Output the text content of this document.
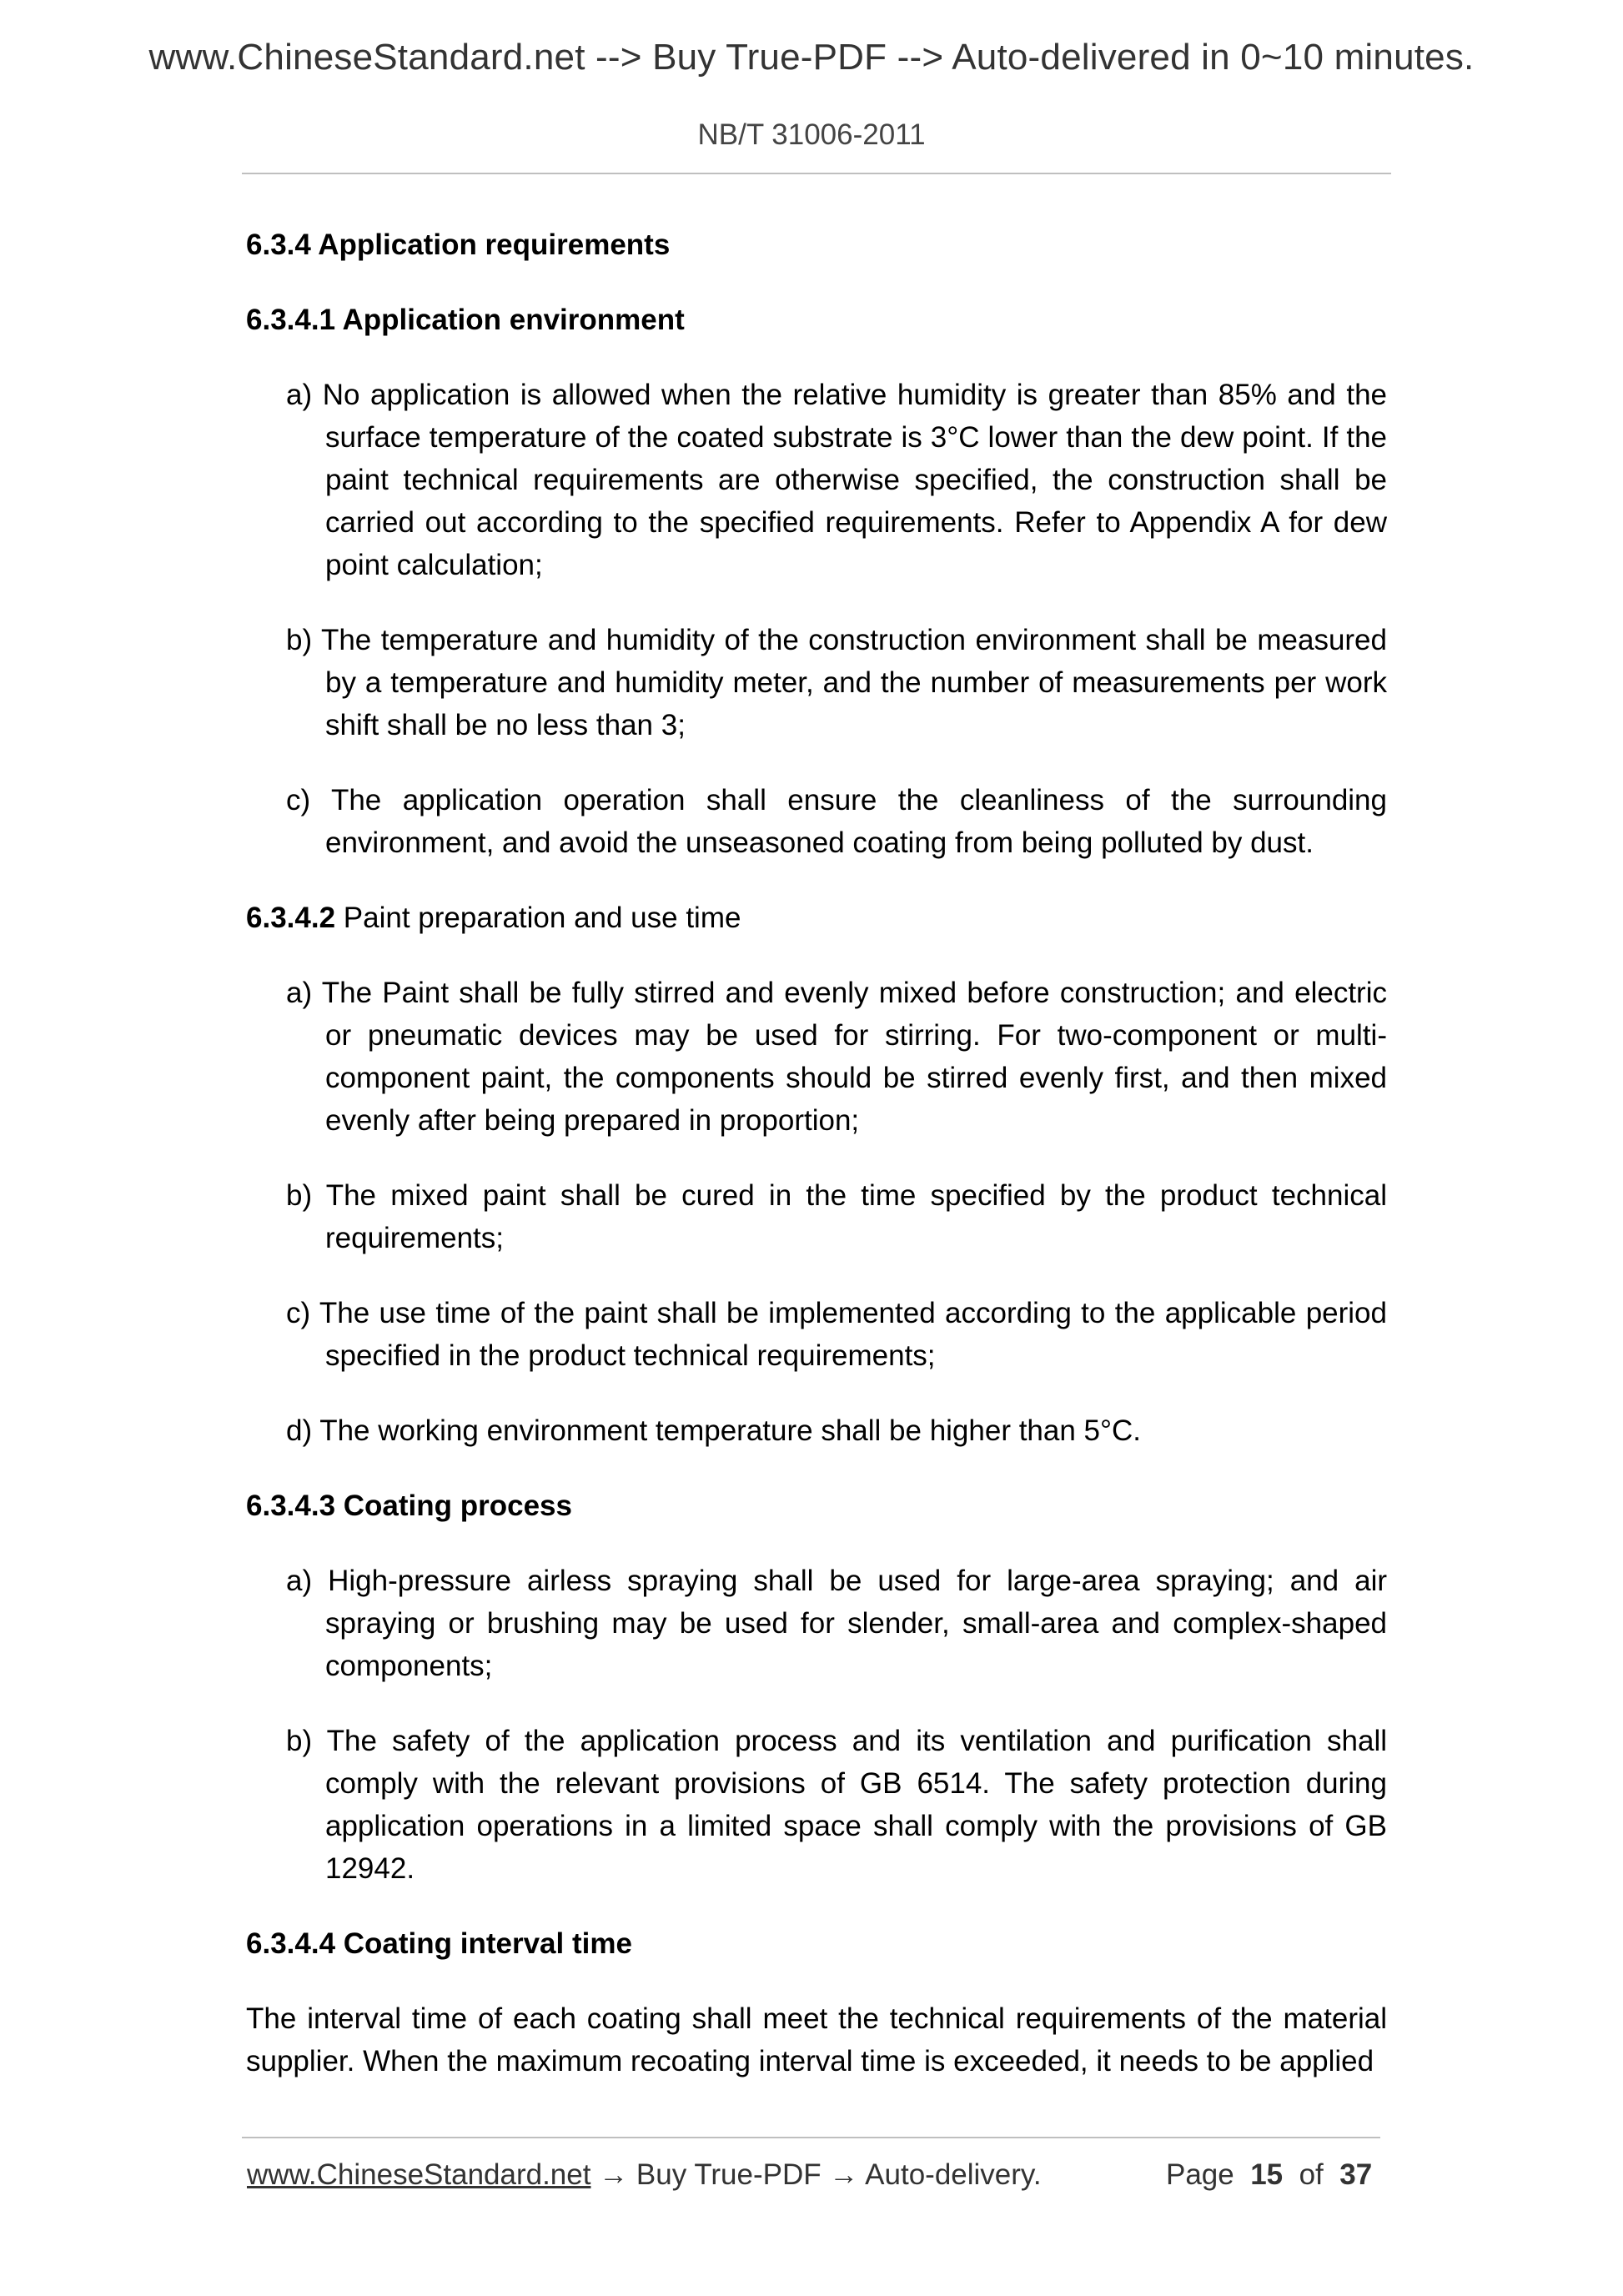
www.ChineseStandard.net --> Buy True-PDF --> Auto-delivered in 0~10 minutes.
NB/T 31006-2011
6.3.4 Application requirements
6.3.4.1 Application environment
a) No application is allowed when the relative humidity is greater than 85% and the surface temperature of the coated substrate is 3°C lower than the dew point. If the paint technical requirements are otherwise specified, the construction shall be carried out according to the specified requirements. Refer to Appendix A for dew point calculation;
b) The temperature and humidity of the construction environment shall be measured by a temperature and humidity meter, and the number of measurements per work shift shall be no less than 3;
c) The application operation shall ensure the cleanliness of the surrounding environment, and avoid the unseasoned coating from being polluted by dust.
6.3.4.2 Paint preparation and use time
a) The Paint shall be fully stirred and evenly mixed before construction; and electric or pneumatic devices may be used for stirring. For two-component or multi-component paint, the components should be stirred evenly first, and then mixed evenly after being prepared in proportion;
b) The mixed paint shall be cured in the time specified by the product technical requirements;
c) The use time of the paint shall be implemented according to the applicable period specified in the product technical requirements;
d) The working environment temperature shall be higher than 5°C.
6.3.4.3 Coating process
a) High-pressure airless spraying shall be used for large-area spraying; and air spraying or brushing may be used for slender, small-area and complex-shaped components;
b) The safety of the application process and its ventilation and purification shall comply with the relevant provisions of GB 6514. The safety protection during application operations in a limited space shall comply with the provisions of GB 12942.
6.3.4.4 Coating interval time
The interval time of each coating shall meet the technical requirements of the material supplier. When the maximum recoating interval time is exceeded, it needs to be applied
www.ChineseStandard.net → Buy True-PDF → Auto-delivery.	Page 15 of 37
